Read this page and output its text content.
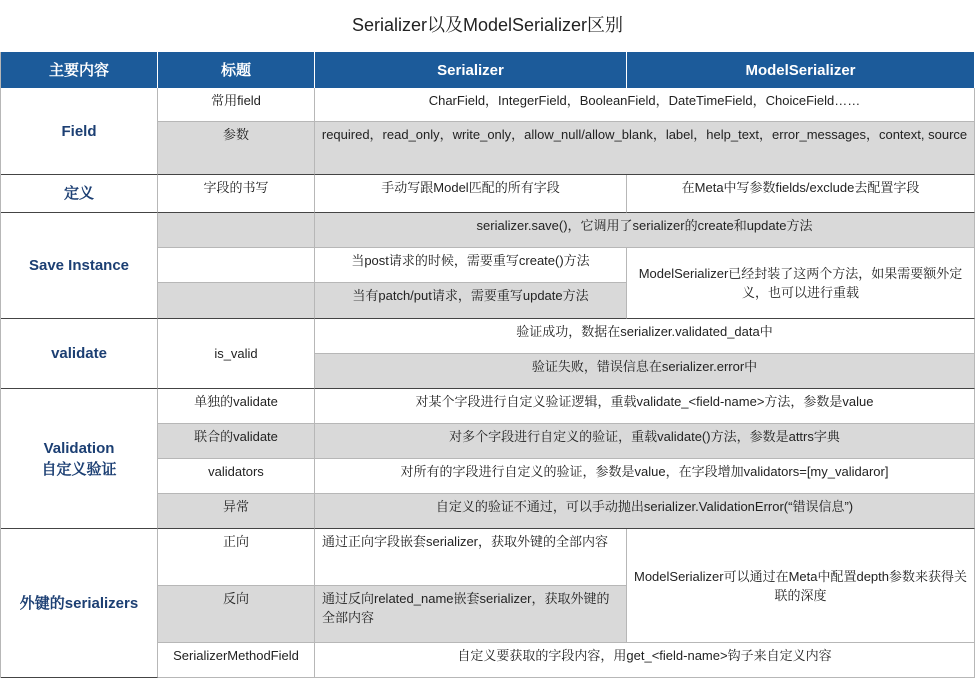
Serializer以及ModelSerializer区别
主要内容	标题	Serializer	ModelSerializer
Field
常用field	CharField，IntegerField，BooleanField，DateTimeField，ChoiceField……
参数	required，read_only，write_only，allow_null/allow_blank，label，help_text，error_messages，context, source
定义	字段的书写	手动写跟Model匹配的所有字段	在Meta中写参数fields/exclude去配置字段
Save Instance
serializer.save()，它调用了serializer的create和update方法
当post请求的时候，需要重写create()方法
当有patch/put请求，需要重写update方法
ModelSerializer已经封装了这两个方法，如果需要额外定义，也可以进行重载
validate	is_valid
验证成功，数据在serializer.validated_data中
验证失败，错误信息在serializer.error中
Validation
自定义验证
单独的validate	对某个字段进行自定义验证逻辑，重载validate_<field-name>方法，参数是value
联合的validate	对多个字段进行自定义的验证，重载validate()方法，参数是attrs字典
validators	对所有的字段进行自定义的验证，参数是value，在字段增加validators=[my_validaror]
异常	自定义的验证不通过，可以手动抛出serializer.ValidationError(“错误信息”)
外键的serializers
正向	通过正向字段嵌套serializer，获取外键的全部内容
反向	通过反向related_name嵌套serializer，获取外键的全部内容
ModelSerializer可以通过在Meta中配置depth参数来获得关联的深度
SerializerMethodField	自定义要获取的字段内容，用get_<field-name>钩子来自定义内容
